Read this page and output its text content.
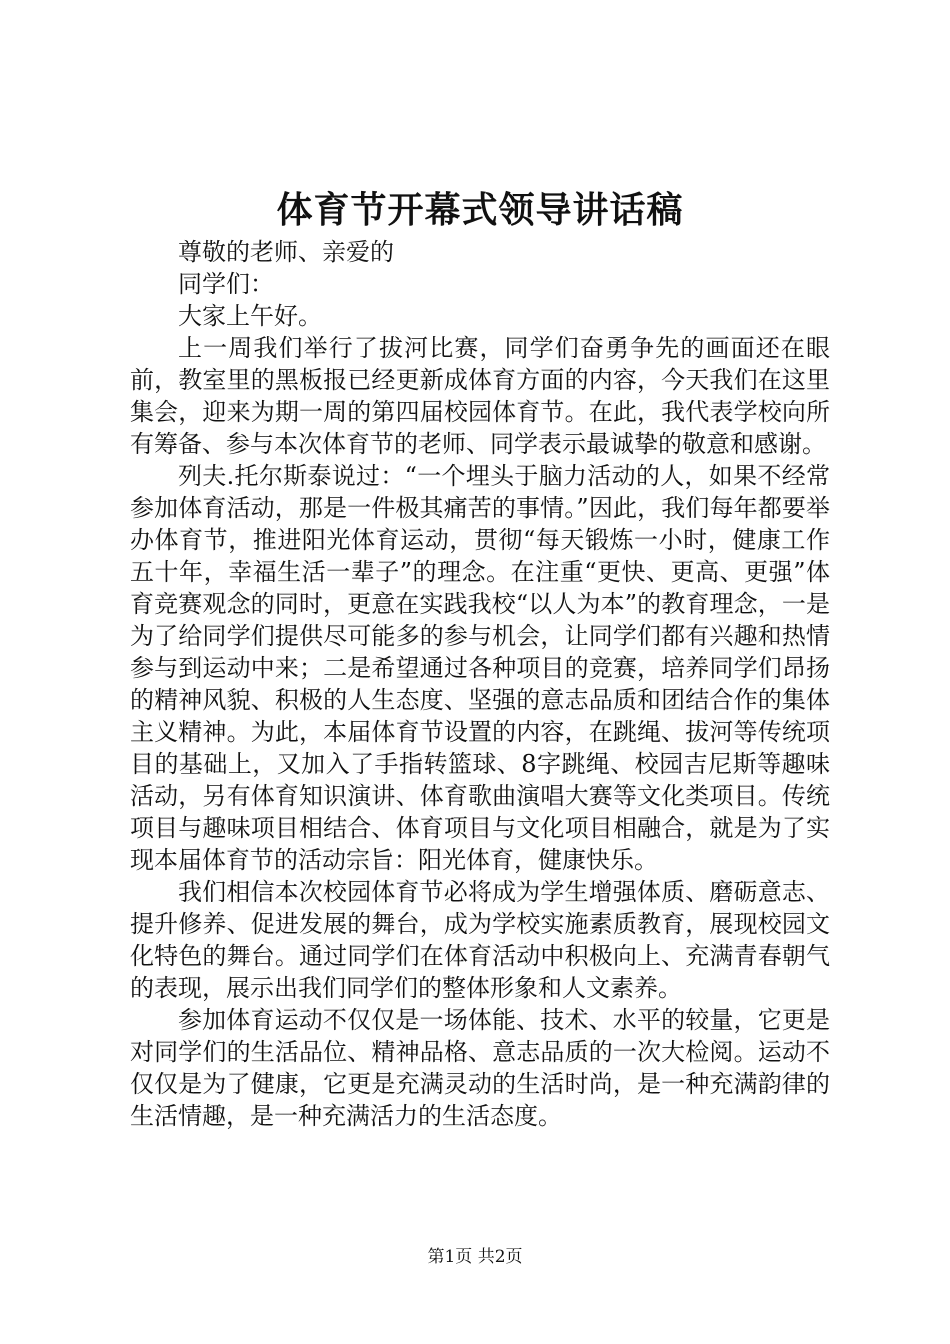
体育节开幕式领导讲话稿

尊敬的老师、亲爱的

同学们：

大家上午好。

上一周我们举行了拔河比赛，同学们奋勇争先的画面还在眼前，教室里的黑板报已经更新成体育方面的内容，今天我们在这里集会，迎来为期一周的第四届校园体育节。在此，我代表学校向所有筹备、参与本次体育节的老师、同学表示最诚挚的敬意和感谢。

列夫.托尔斯泰说过：“一个埋头于脑力活动的人，如果不经常参加体育活动，那是一件极其痛苦的事情。”因此，我们每年都要举办体育节，推进阳光体育运动，贯彻“每天锻炼一小时，健康工作五十年，幸福生活一辈子”的理念。在注重“更快、更高、更强”体育竞赛观念的同时，更意在实践我校“以人为本”的教育理念，一是为了给同学们提供尽可能多的参与机会，让同学们都有兴趣和热情参与到运动中来；二是希望通过各种项目的竞赛，培养同学们昂扬的精神风貌、积极的人生态度、坚强的意志品质和团结合作的集体主义精神。为此，本届体育节设置的内容，在跳绳、拔河等传统项目的基础上，又加入了手指转篮球、8字跳绳、校园吉尼斯等趣味活动，另有体育知识演讲、体育歌曲演唱大赛等文化类项目。传统项目与趣味项目相结合、体育项目与文化项目相融合，就是为了实现本届体育节的活动宗旨：阳光体育，健康快乐。

我们相信本次校园体育节必将成为学生增强体质、磨砺意志、提升修养、促进发展的舞台，成为学校实施素质教育，展现校园文化特色的舞台。通过同学们在体育活动中积极向上、充满青春朝气的表现，展示出我们同学们的整体形象和人文素养。

参加体育运动不仅仅是一场体能、技术、水平的较量，它更是对同学们的生活品位、精神品格、意志品质的一次大检阅。运动不仅仅是为了健康，它更是充满灵动的生活时尚，是一种充满韵律的生活情趣，是一种充满活力的生活态度。

第1页 共2页
